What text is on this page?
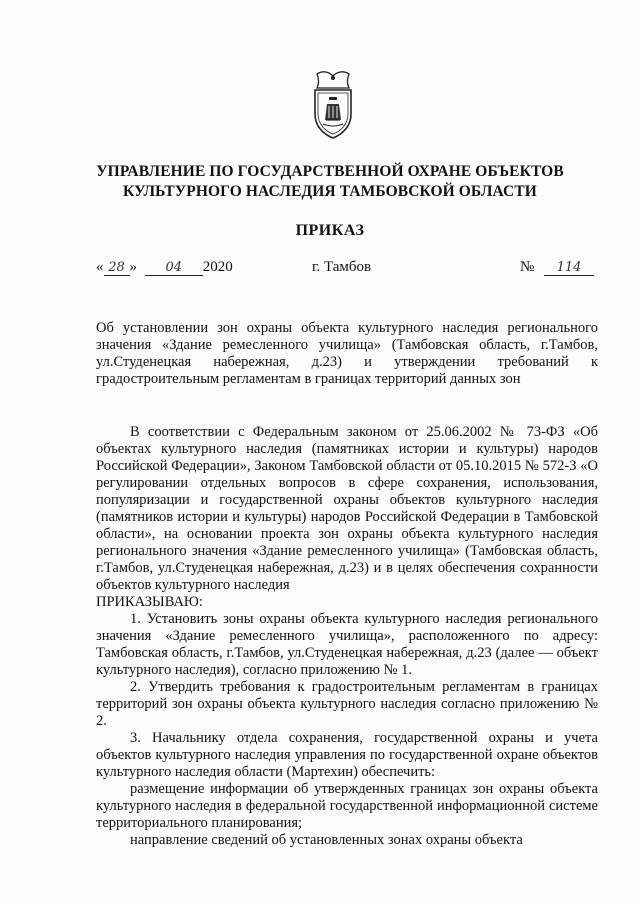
УПРАВЛЕНИЕ ПО ГОСУДАРСТВЕННОЙ ОХРАНЕ ОБЪЕКТОВ
КУЛЬТУРНОГО НАСЛЕДИЯ ТАМБОВСКОЙ ОБЛАСТИ
ПРИКАЗ
« 28 » 04 2020	г. Тамбов	№ 114
Об установлении зон охраны объекта культурного наследия регионального значения «Здание ремесленного училища» (Тамбовская область, г.Тамбов, ул.Студенецкая набережная, д.23) и утверждении требований к градостроительным регламентам в границах территорий данных зон

В соответствии с Федеральным законом от 25.06.2002 № 73-ФЗ «Об объектах культурного наследия (памятниках истории и культуры) народов Российской Федерации», Законом Тамбовской области от 05.10.2015 № 572-З «О регулировании отдельных вопросов в сфере сохранения, использования, популяризации и государственной охраны объектов культурного наследия (памятников истории и культуры) народов Российской Федерации в Тамбовской области», на основании проекта зон охраны объекта культурного наследия регионального значения «Здание ремесленного училища» (Тамбовская область, г.Тамбов, ул.Студенецкая набережная, д.23) и в целях обеспечения сохранности объектов культурного наследия

ПРИКАЗЫВАЮ:

1. Установить зоны охраны объекта культурного наследия регионального значения «Здание ремесленного училища», расположенного по адресу: Тамбовская область, г.Тамбов, ул.Студенецкая набережная, д.23 (далее — объект культурного наследия), согласно приложению № 1.

2. Утвердить требования к градостроительным регламентам в границах территорий зон охраны объекта культурного наследия согласно приложению № 2.

3. Начальнику отдела сохранения, государственной охраны и учета объектов культурного наследия управления по государственной охране объектов культурного наследия области (Мартехин) обеспечить:

размещение информации об утвержденных границах зон охраны объекта культурного наследия в федеральной государственной информационной системе территориального планирования;

направление сведений об установленных зонах охраны объекта
